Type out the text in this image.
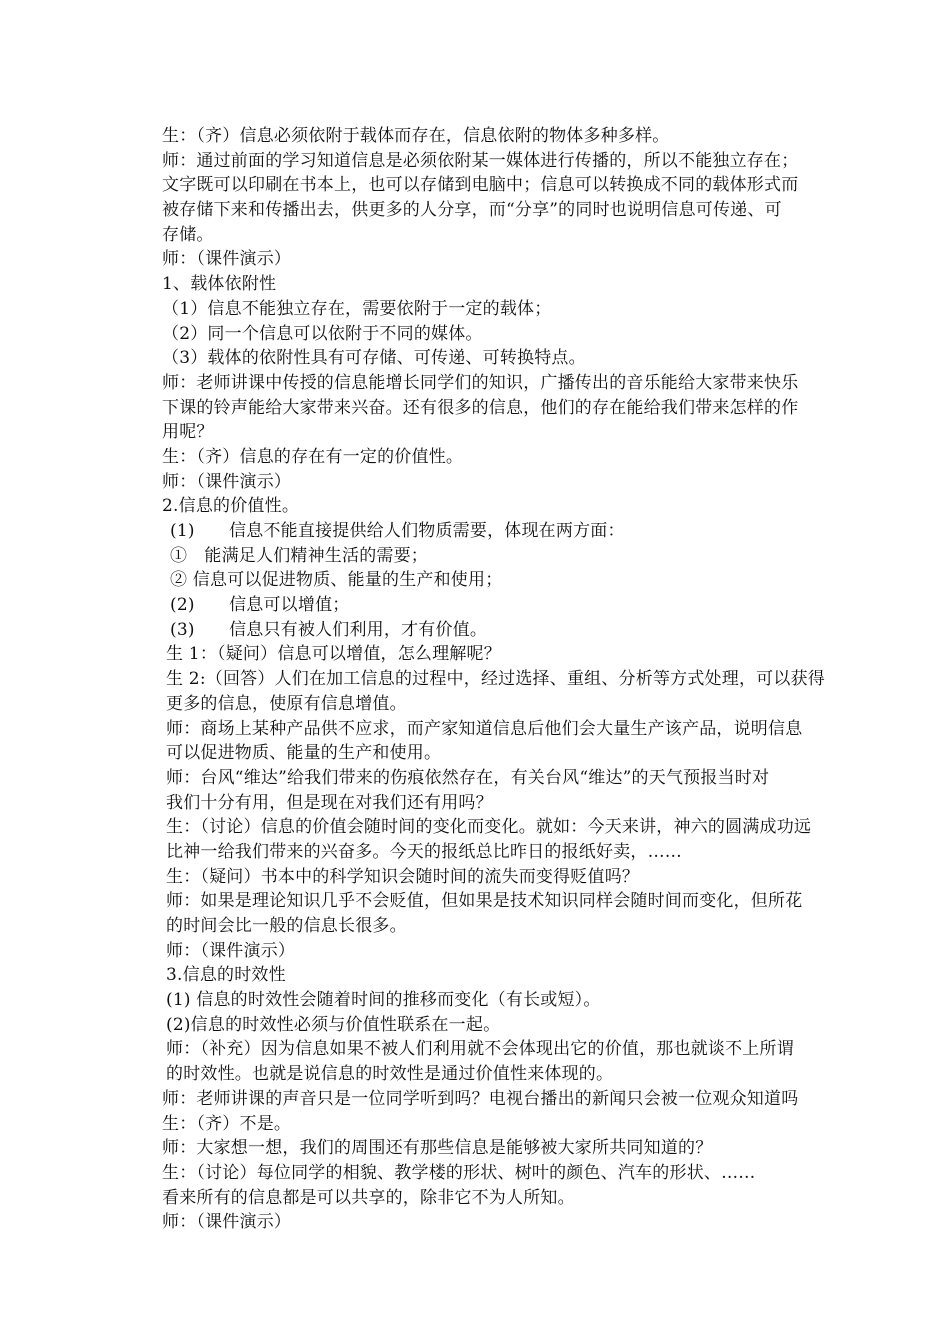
生：（齐）信息必须依附于载体而存在，信息依附的物体多种多样。
师：通过前面的学习知道信息是必须依附某一媒体进行传播的，所以不能独立存在；
文字既可以印刷在书本上，也可以存储到电脑中；信息可以转换成不同的载体形式而
被存储下来和传播出去，供更多的人分享，而“分享”的同时也说明信息可传递、可
存储。
师：（课件演示）
1、载体依附性
（1）信息不能独立存在，需要依附于一定的载体；
（2）同一个信息可以依附于不同的媒体。
（3）载体的依附性具有可存储、可传递、可转换特点。
师：老师讲课中传授的信息能增长同学们的知识，广播传出的音乐能给大家带来快乐
下课的铃声能给大家带来兴奋。还有很多的信息，他们的存在能给我们带来怎样的作
用呢？
生：（齐）信息的存在有一定的价值性。
师：（课件演示）
2.信息的价值性。
(1)　　信息不能直接提供给人们物质需要，体现在两方面：
①　能满足人们精神生活的需要；
② 信息可以促进物质、能量的生产和使用；
(2)　　信息可以增值；
(3)　　信息只有被人们利用，才有价值。
生 1：（疑问）信息可以增值，怎么理解呢？
生 2:（回答）人们在加工信息的过程中，经过选择、重组、分析等方式处理，可以获得
更多的信息，使原有信息增值。
师：商场上某种产品供不应求，而产家知道信息后他们会大量生产该产品，说明信息
可以促进物质、能量的生产和使用。
师：台风“维达”给我们带来的伤痕依然存在，有关台风“维达”的天气预报当时对
我们十分有用，但是现在对我们还有用吗？
生：（讨论）信息的价值会随时间的变化而变化。就如：今天来讲，神六的圆满成功远
比神一给我们带来的兴奋多。今天的报纸总比昨日的报纸好卖，……
生：（疑问）书本中的科学知识会随时间的流失而变得贬值吗？
师：如果是理论知识几乎不会贬值，但如果是技术知识同样会随时间而变化，但所花
的时间会比一般的信息长很多。
师：（课件演示）
3.信息的时效性
(1) 信息的时效性会随着时间的推移而变化（有长或短）。
(2)信息的时效性必须与价值性联系在一起。
师：（补充）因为信息如果不被人们利用就不会体现出它的价值，那也就谈不上所谓
的时效性。也就是说信息的时效性是通过价值性来体现的。
师：老师讲课的声音只是一位同学听到吗？电视台播出的新闻只会被一位观众知道吗
生：（齐）不是。
师：大家想一想，我们的周围还有那些信息是能够被大家所共同知道的？
生：（讨论）每位同学的相貌、教学楼的形状、树叶的颜色、汽车的形状、……
看来所有的信息都是可以共享的，除非它不为人所知。
师：（课件演示）
